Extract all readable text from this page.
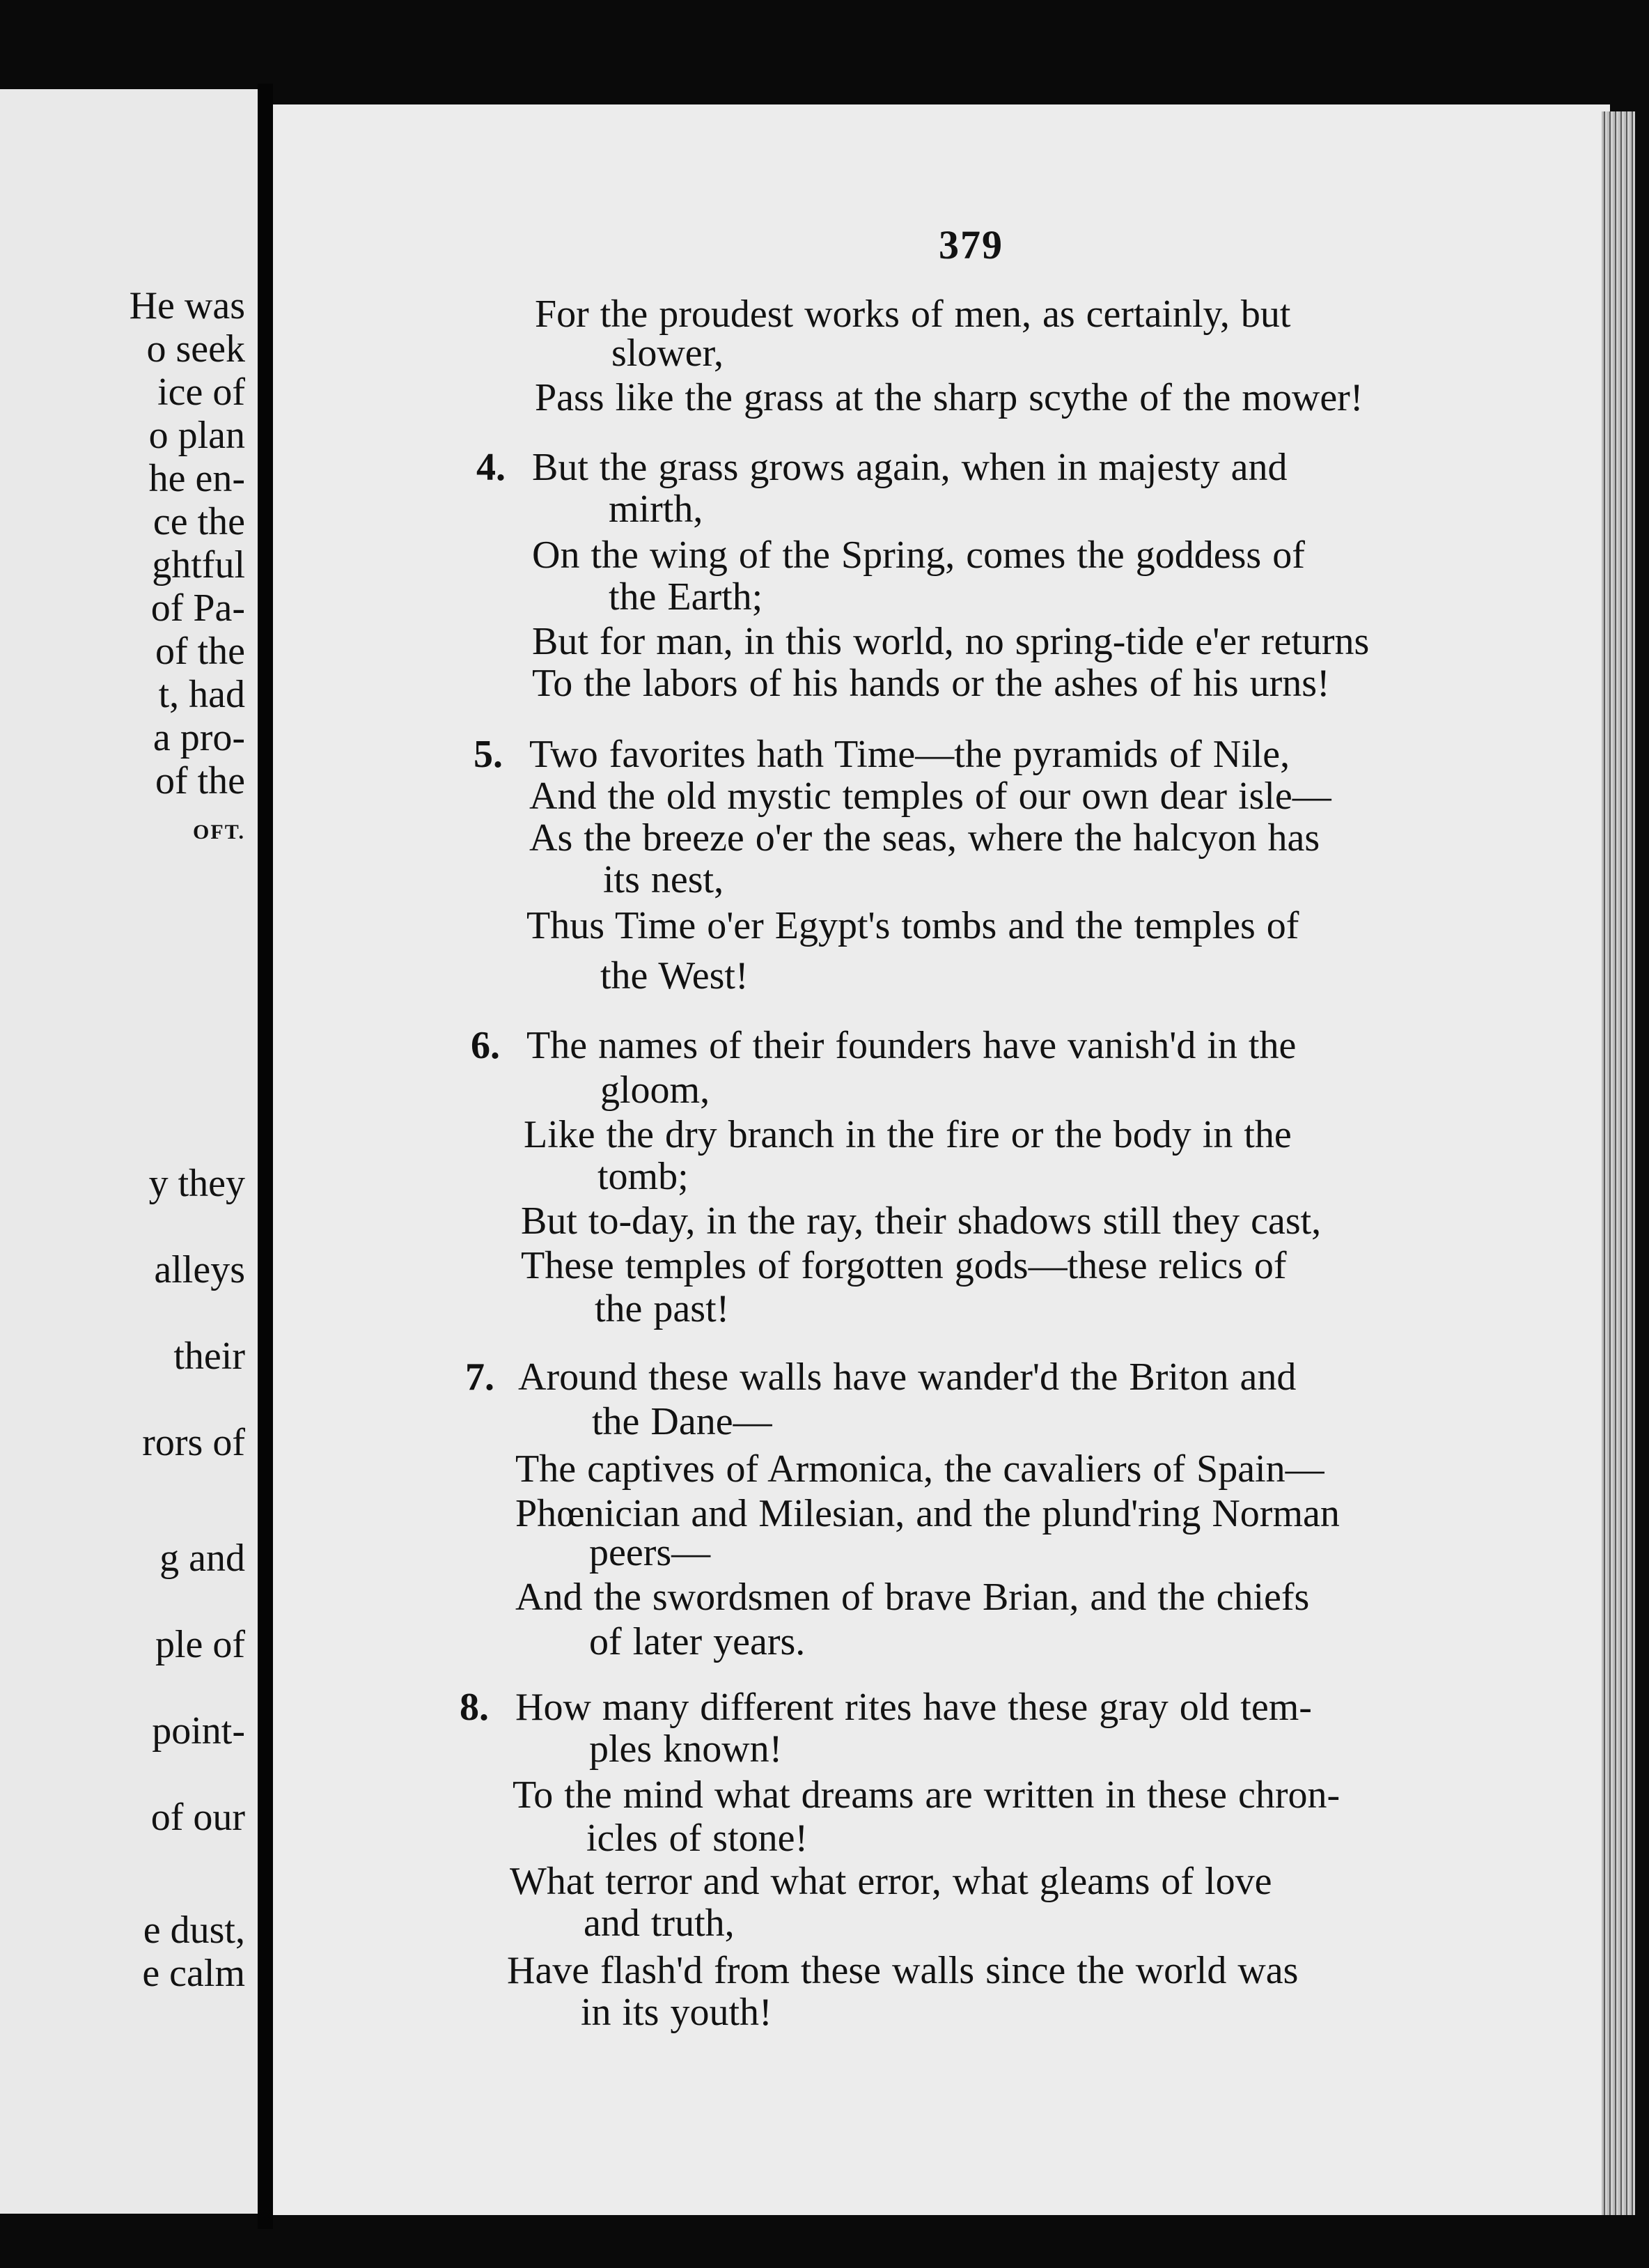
He was
o seek
ice of
o plan
he en-
ce the
ghtful
of Pa-
of the
t, had
a pro-
of the
OFT.
y they
alleys
their
rors of
g and
ple of
point-
of our
e dust,
e calm
379
For the proudest works of men, as certainly, but
slower,
Pass like the grass at the sharp scythe of the mower!
4. But the grass grows again, when in majesty and
mirth,
On the wing of the Spring, comes the goddess of
the Earth;
But for man, in this world, no spring-tide e'er returns
To the labors of his hands or the ashes of his urns!
5. Two favorites hath Time—the pyramids of Nile,
And the old mystic temples of our own dear isle—
As the breeze o'er the seas, where the halcyon has
its nest,
Thus Time o'er Egypt's tombs and the temples of
the West!
6. The names of their founders have vanish'd in the
gloom,
Like the dry branch in the fire or the body in the
tomb;
But to-day, in the ray, their shadows still they cast,
These temples of forgotten gods—these relics of
the past!
7. Around these walls have wander'd the Briton and
the Dane—
The captives of Armonica, the cavaliers of Spain—
Phœnician and Milesian, and the plund'ring Norman
peers—
And the swordsmen of brave Brian, and the chiefs
of later years.
8. How many different rites have these gray old tem-
ples known!
To the mind what dreams are written in these chron-
icles of stone!
What terror and what error, what gleams of love
and truth,
Have flash'd from these walls since the world was
in its youth!
